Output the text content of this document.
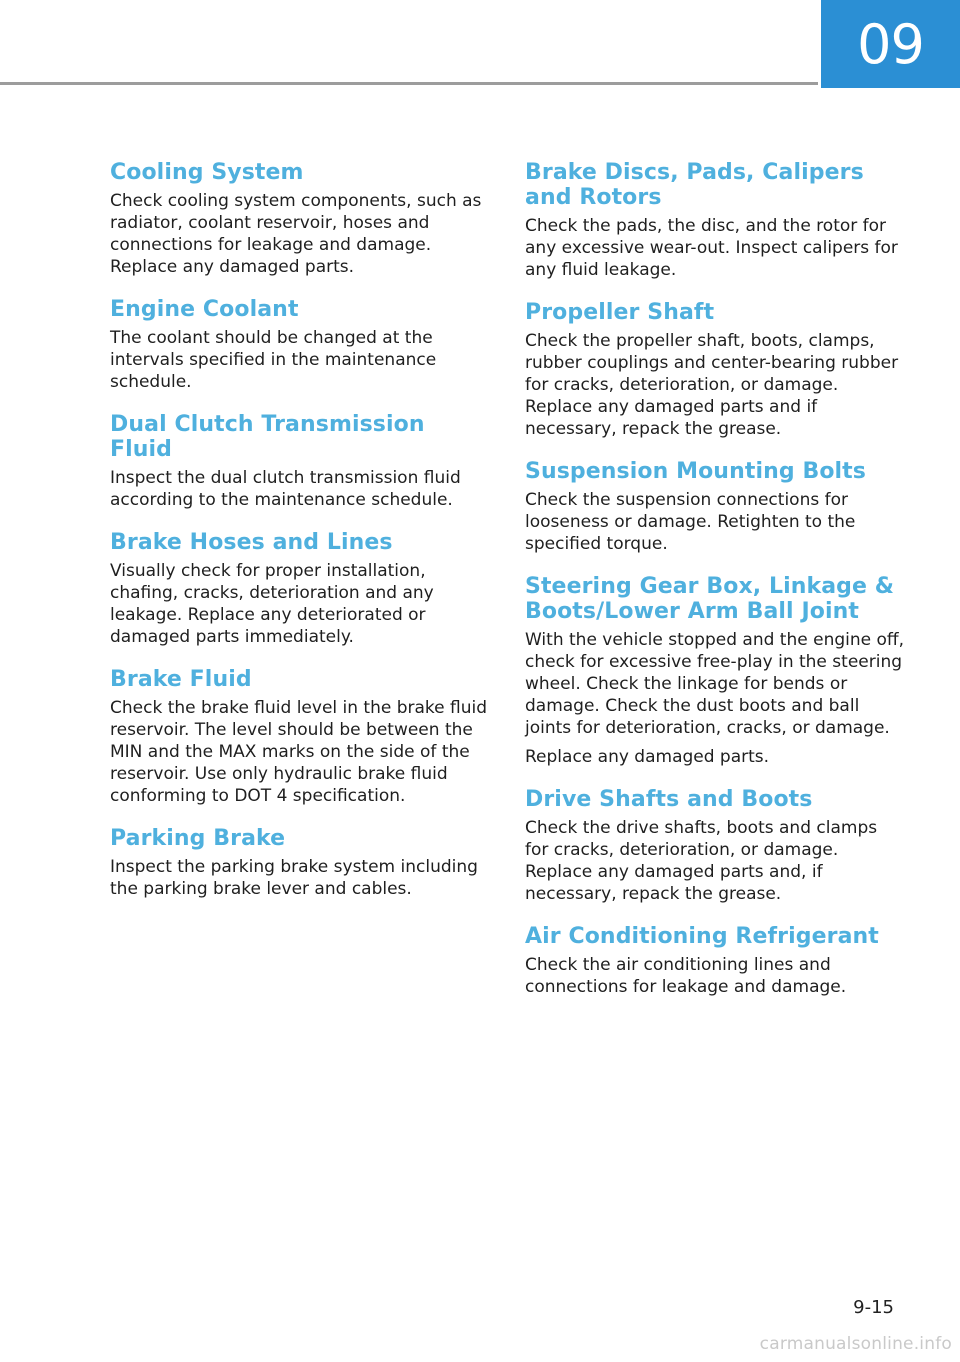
09
Cooling System

Check cooling system components, such as radiator, coolant reservoir, hoses and connections for leakage and damage. Replace any damaged parts.

Engine Coolant

The coolant should be changed at the intervals specified in the maintenance schedule.

Dual Clutch Transmission Fluid

Inspect the dual clutch transmission fluid according to the maintenance schedule.

Brake Hoses and Lines

Visually check for proper installation, chafing, cracks, deterioration and any leakage. Replace any deteriorated or damaged parts immediately.

Brake Fluid

Check the brake fluid level in the brake fluid reservoir. The level should be between the MIN and the MAX marks on the side of the reservoir. Use only hydraulic brake fluid conforming to DOT 4 specification.

Parking Brake

Inspect the parking brake system including the parking brake lever and cables.

Brake Discs, Pads, Calipers and Rotors

Check the pads, the disc, and the rotor for any excessive wear-out. Inspect calipers for any fluid leakage.

Propeller Shaft

Check the propeller shaft, boots, clamps, rubber couplings and center-bearing rubber for cracks, deterioration, or damage. Replace any damaged parts and if necessary, repack the grease.

Suspension Mounting Bolts

Check the suspension connections for looseness or damage. Retighten to the specified torque.

Steering Gear Box, Linkage & Boots/Lower Arm Ball Joint

With the vehicle stopped and the engine off, check for excessive free-play in the steering wheel. Check the linkage for bends or damage. Check the dust boots and ball joints for deterioration, cracks, or damage.

Replace any damaged parts.

Drive Shafts and Boots

Check the drive shafts, boots and clamps for cracks, deterioration, or damage. Replace any damaged parts and, if necessary, repack the grease.

Air Conditioning Refrigerant

Check the air conditioning lines and connections for leakage and damage.

9-15
carmanualsonline.info
